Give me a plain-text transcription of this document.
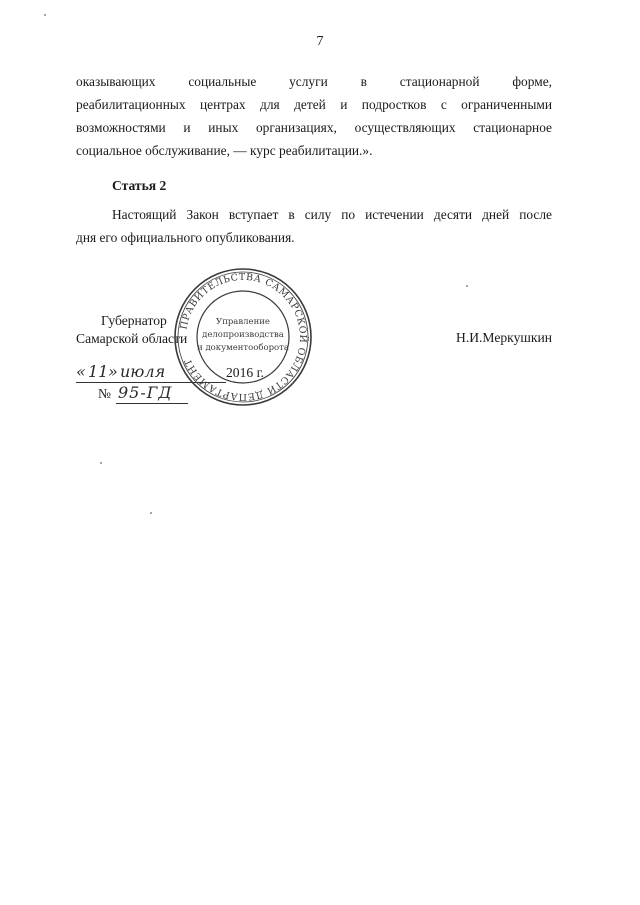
7
оказывающих социальные услуги в стационарной форме,
реабилитационных центрах для детей и подростков с ограниченными
возможностями и иных организациях, осуществляющих стационарное
социальное обслуживание, — курс реабилитации.».
Статья 2
Настоящий Закон вступает в силу по истечении десяти дней после
дня его официального опубликования.
Губернатор
Самарской области	Н.И.Меркушкин
« 11 » июля	2016 г.
№ 95-ГД
ПРАВИТЕЛЬСТВА САМАРСКОЙ ОБЛАСТИ ДЕПАРТАМЕНТ
Управление
делопроизводства
и документооборота
